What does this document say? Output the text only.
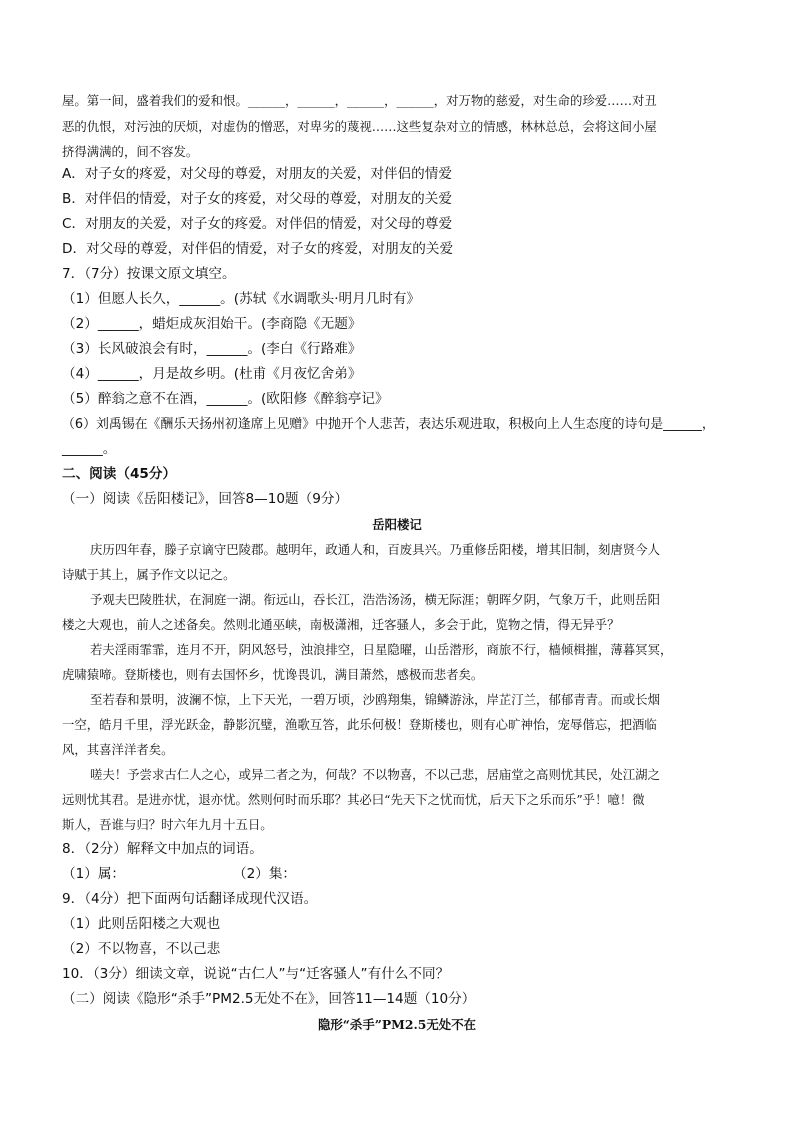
屋。第一间，盛着我们的爱和恨。______，______，______，______，对万物的慈爱，对生命的珍爱……对丑
恶的仇恨，对污浊的厌烦，对虚伪的憎恶，对卑劣的蔑视……这些复杂对立的情感，林林总总，会将这间小屋
挤得满满的，间不容发。
A．对子女的疼爱，对父母的尊爱，对朋友的关爱，对伴侣的情爱
B．对伴侣的情爱，对子女的疼爱，对父母的尊爱，对朋友的关爱
C．对朋友的关爱，对子女的疼爱。对伴侣的情爱，对父母的尊爱
D．对父母的尊爱，对伴侣的情爱，对子女的疼爱，对朋友的关爱
7．（7分）按课文原文填空。
（1）但愿人长久，______。(苏轼《水调歌头·明月几时有》
（2）______，蜡炬成灰泪始干。(李商隐《无题》
（3）长风破浪会有时，______。(李白《行路难》
（4）______，月是故乡明。(杜甫《月夜忆舍弟》
（5）醉翁之意不在酒，______。(欧阳修《醉翁亭记》
（6）刘禹锡在《酬乐天扬州初逢席上见赠》中抛开个人悲苦，表达乐观进取，积极向上人生态度的诗句是______，
______。
二、阅读（45分）
（一）阅读《岳阳楼记》，回答8—10题（9分）
岳阳楼记
庆历四年春，滕子京谪守巴陵郡。越明年，政通人和，百废具兴。乃重修岳阳楼，增其旧制，刻唐贤今人
诗赋于其上，属予作文以记之。
予观夫巴陵胜状，在洞庭一湖。衔远山，吞长江，浩浩汤汤，横无际涯；朝晖夕阴，气象万千，此则岳阳
楼之大观也，前人之述备矣。然则北通巫峡，南极潇湘，迁客骚人，多会于此，览物之情，得无异乎？
若夫淫雨霏霏，连月不开，阴风怒号，浊浪排空，日星隐曜，山岳潜形，商旅不行，樯倾楫摧，薄暮冥冥，
虎啸猿啼。登斯楼也，则有去国怀乡，忧谗畏讥，满目萧然，感极而悲者矣。
至若春和景明，波澜不惊，上下天光，一碧万顷，沙鸥翔集，锦鳞游泳，岸芷汀兰，郁郁青青。而或长烟
一空，皓月千里，浮光跃金，静影沉璧，渔歌互答，此乐何极！登斯楼也，则有心旷神怡，宠辱偕忘，把酒临
风，其喜洋洋者矣。
嗟夫！予尝求古仁人之心，或异二者之为，何哉？不以物喜，不以己悲，居庙堂之高则忧其民，处江湖之
远则忧其君。是进亦忧，退亦忧。然则何时而乐耶？其必曰“先天下之忧而忧，后天下之乐而乐”乎！噫！微
斯人，吾谁与归？时六年九月十五日。
8．（2分）解释文中加点的词语。
（1）属：	（2）集：
9．（4分）把下面两句话翻译成现代汉语。
（1）此则岳阳楼之大观也
（2）不以物喜，不以己悲
10．（3分）细读文章，说说“古仁人”与“迁客骚人”有什么不同？
（二）阅读《隐形“杀手”PM2.5无处不在》，回答11—14题（10分）
隐形“杀手”PM2.5无处不在
